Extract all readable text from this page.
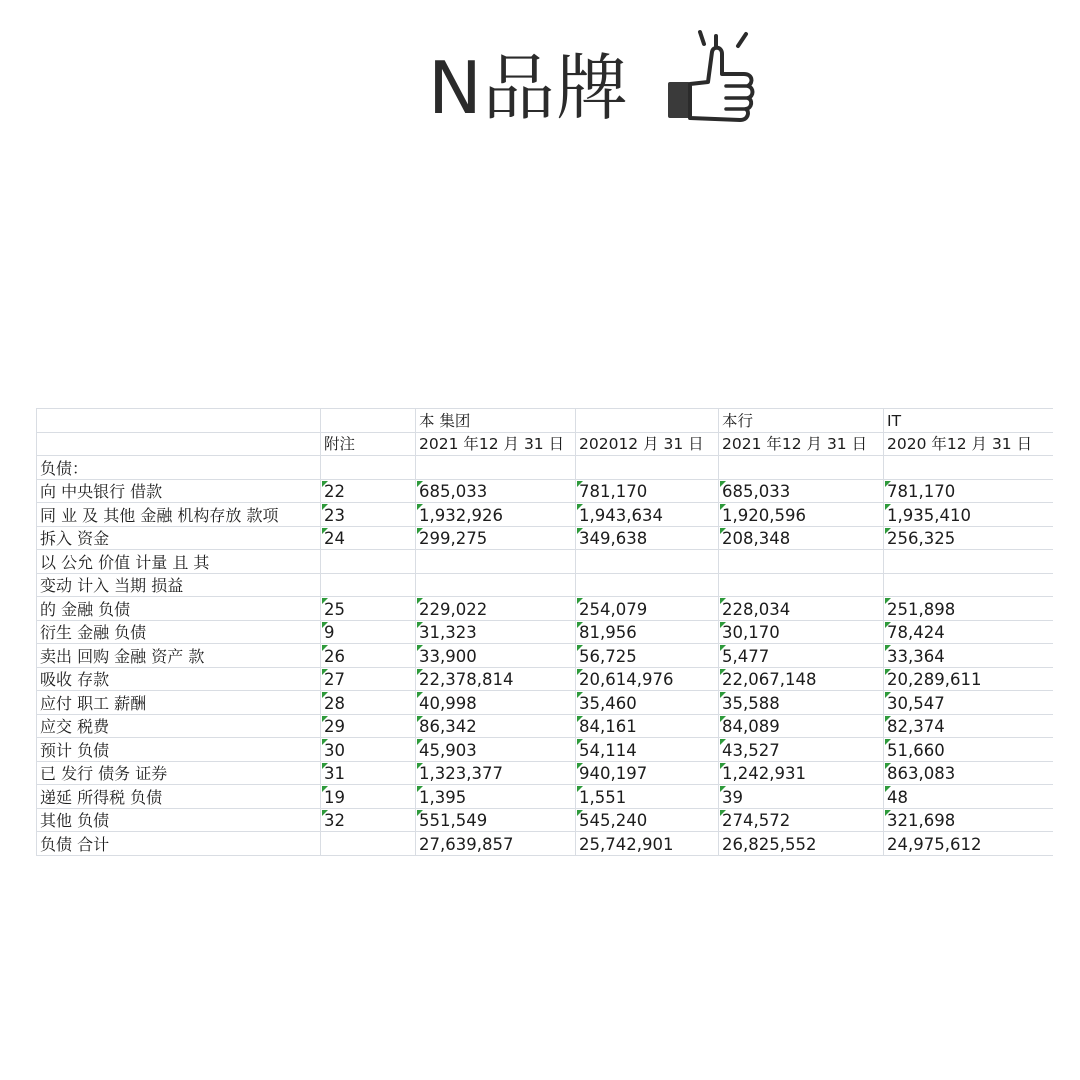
N品牌
		本 集团		本行	IT
	附注	2021 年12 月 31 日	202012 月 31 日	2021 年12 月 31 日	2020 年12 月 31 日
负债：					
向 中央银行 借款	22	685,033	781,170	685,033	781,170
同 业 及 其他 金融 机构存放 款项	23	1,932,926	1,943,634	1,920,596	1,935,410
拆入 资金	24	299,275	349,638	208,348	256,325
以 公允 价值 计量 且 其					
变动 计入 当期 损益					
的 金融 负债	25	229,022	254,079	228,034	251,898
衍生 金融 负债	9	31,323	81,956	30,170	78,424
卖出 回购 金融 资产 款	26	33,900	56,725	5,477	33,364
吸收 存款	27	22,378,814	20,614,976	22,067,148	20,289,611
应付 职工 薪酬	28	40,998	35,460	35,588	30,547
应交 税费	29	86,342	84,161	84,089	82,374
预计 负债	30	45,903	54,114	43,527	51,660
已 发行 债务 证券	31	1,323,377	940,197	1,242,931	863,083
递延 所得税 负债	19	1,395	1,551	39	48
其他 负债	32	551,549	545,240	274,572	321,698
负债 合计		27,639,857	25,742,901	26,825,552	24,975,612
